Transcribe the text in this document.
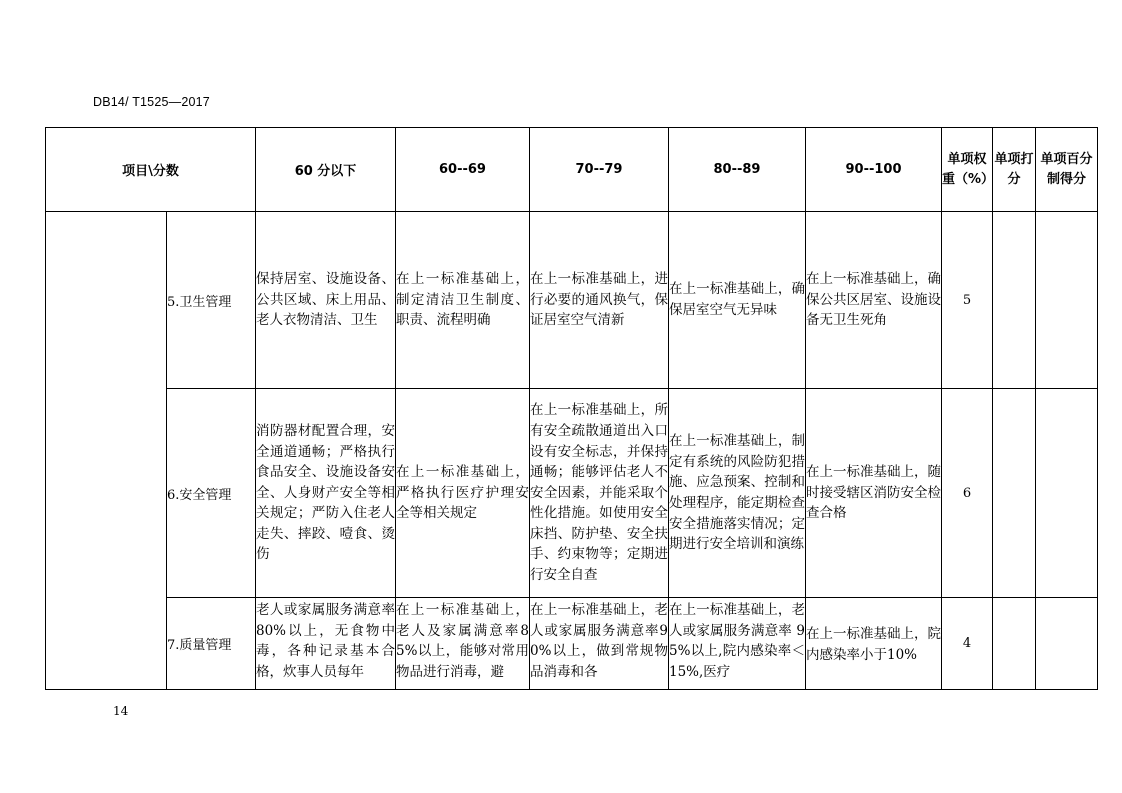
DB14/ T1525—2017
项目\分数		60 分以下	60--69	70--79	80--89	90--100	单项权重（%）	单项打分	单项百分制得分

	5.卫生管理	保持居室、设施设备、公共区域、床上用品、老人衣物清洁、卫生	在上一标准基础上，制定清洁卫生制度、职责、流程明确	在上一标准基础上，进行必要的通风换气，保证居室空气清新	在上一标准基础上，确保居室空气无异味	在上一标准基础上，确保公共区居室、设施设备无卫生死角	5		
	6.安全管理	消防器材配置合理，安全通道通畅；严格执行食品安全、设施设备安全、人身财产安全等相关规定；严防入住老人走失、摔跤、噎食、烫伤	在上一标准基础上，严格执行医疗护理安全等相关规定	在上一标准基础上，所有安全疏散通道出入口设有安全标志，并保持通畅；能够评估老人不安全因素，并能采取个性化措施。如使用安全床挡、防护垫、安全扶手、约束物等；定期进行安全自查	在上一标准基础上，制定有系统的风险防犯措施、应急预案、控制和处理程序，能定期检查安全措施落实情况；定期进行安全培训和演练	在上一标准基础上，随时接受辖区消防安全检查合格	6		
	7.质量管理	老人或家属服务满意率80%以上，无食物中毒，各种记录基本合格，炊事人员每年	在上一标准基础上，老人及家属满意率85%以上，能够对常用物品进行消毒，避	在上一标准基础上，老人或家属服务满意率90%以上，做到常规物品消毒和各	在上一标准基础上，老人或家属服务满意率 95%以上,院内感染率＜15%,医疗	在上一标准基础上，院内感染率小于10%	4		
14
